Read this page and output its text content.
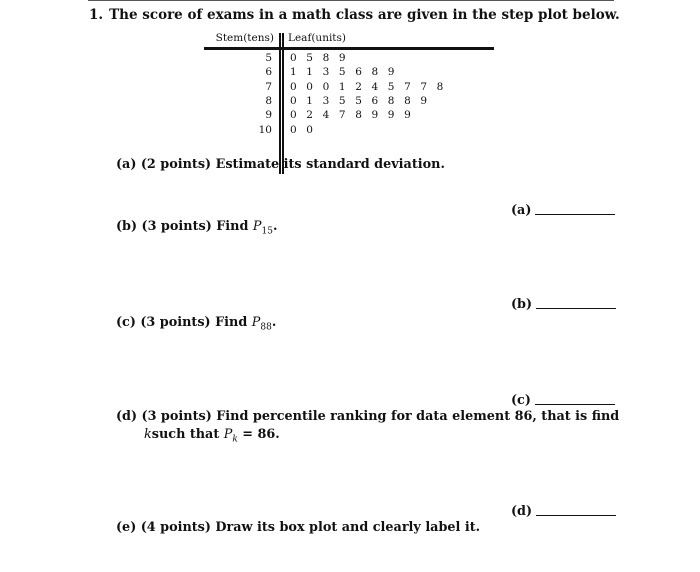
1. The score of exams in a math class are given in the step plot below.
Stem(tens) Leaf(units)
5 0 5 8 9
6 1 1 3 5 6 8 9
7 0 0 0 1 2 4 5 7 7 8
8 0 1 3 5 5 6 8 8 9
9 0 2 4 7 8 9 9 9
10 0 0
(a) (2 points) Estimate its standard deviation.
(a)
(b) (3 points) Find $P_{15}$.
(b)
(c) (3 points) Find $P_{88}$.
(c)
(d) (3 points) Find percentile ranking for data element 86, that is find
ksuch that $P_k = 86$.
(d)
(e) (4 points) Draw its box plot and clearly label it.
